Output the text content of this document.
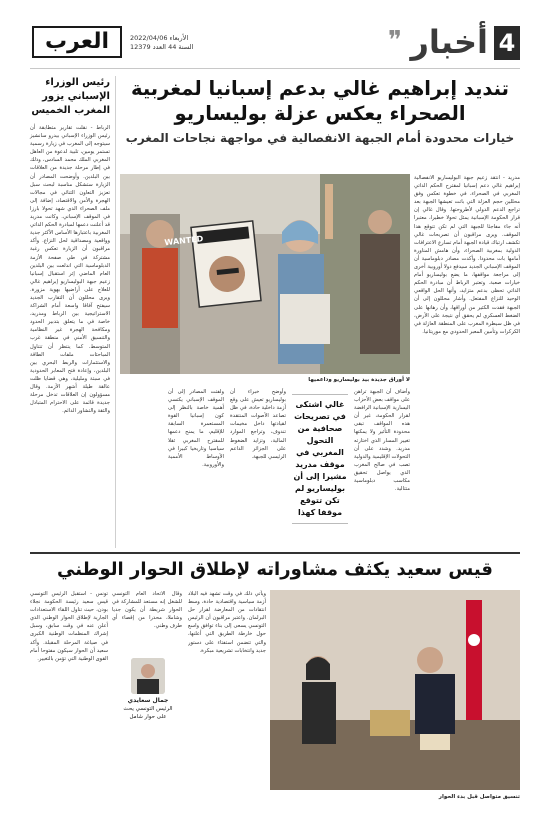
4
أخبار
❞
الأربعاء 2022/04/06
السنة 44 العدد 12379
العرب
رئيس الوزراء الإسباني يزور المغرب الخميس
الرباط - نقلت تقارير متطابقة أن رئيس الوزراء الإسباني بيدرو سانشيز سيتوجه إلى المغرب في زيارة رسمية تستمر يومين، تلبية لدعوة من العاهل المغربي الملك محمد السادس، وذلك في إطار مرحلة جديدة من العلاقات بين البلدين. وأوضحت المصادر أن الزيارة ستشكل مناسبة لبحث سبل تعزيز التعاون الثنائي في مجالات الهجرة والأمن والاقتصاد، إضافة إلى ملف الصحراء الذي شهد تحولا بارزا في الموقف الإسباني. وكانت مدريد قد أعلنت دعمها لمبادرة الحكم الذاتي المغربية باعتبارها الأساس الأكثر جدية وواقعية ومصداقية لحل النزاع. وأكد مراقبون أن الزيارة تعكس رغبة مشتركة في طي صفحة الأزمة الدبلوماسية التي اندلعت بين البلدين العام الماضي إثر استقبال إسبانيا زعيم جبهة البوليساريو إبراهيم غالي للعلاج على أراضيها بهوية مزورة. ويرى محللون أن التقارب الجديد سيفتح آفاقا واسعة أمام الشراكة الاستراتيجية بين الرباط ومدريد، خاصة في ما يتعلق بتدبير الحدود ومكافحة الهجرة غير النظامية والتنسيق الأمني في منطقة غرب المتوسط. كما ينتظر أن تتناول المباحثات ملفات الطاقة والاستثمارات والربط البحري بين البلدين، وإعادة فتح المعابر الحدودية في سبتة ومليلية، وهي قضايا ظلت عالقة طيلة أشهر الأزمة. وقال مسؤولون إن العلاقات تدخل مرحلة جديدة قائمة على الاحترام المتبادل والثقة والتشاور الدائم.
تنديد إبراهيم غالي بدعم إسبانيا لمغربية الصحراء يعكس عزلة بوليساريو
خيارات محدودة أمام الجبهة الانفصالية في مواجهة نجاحات المغرب
مدريد - انتقد زعيم جبهة البوليساريو الانفصالية إبراهيم غالي دعم إسبانيا لمقترح الحكم الذاتي المغربي في الصحراء، في خطوة تعكس وفق محللين حجم العزلة التي باتت تعيشها الجبهة بعد تراجع الدعم الدولي لأطروحتها. وقال غالي إن قرار الحكومة الإسبانية يمثل تحولا خطيرا، معتبرا أنه جاء مفاجئا للجبهة التي لم تكن تتوقع هذا الموقف. ويرى مراقبون أن تصريحات غالي تكشف ارتباك قيادة الجبهة أمام تسارع الاعترافات الدولية بمغربية الصحراء، وأن هامش المناورة أمامها بات محدودا. وأكدت مصادر دبلوماسية أن الموقف الإسباني الجديد سيدفع دولا أوروبية أخرى إلى مراجعة مواقفها، ما يضع بوليساريو أمام خيارات صعبة. وتعتبر الرباط أن مبادرة الحكم الذاتي تحظى بدعم متزايد، وأنها الحل الواقعي الوحيد للنزاع المفتعل. وأشار محللون إلى أن الجبهة فقدت الكثير من أوراقها، وأن رهانها على الضغط العسكري لم يحقق أي نتيجة على الأرض، في ظل سيطرة المغرب على المنطقة العازلة في الكركرات وتأمين المعبر الحدودي مع موريتانيا.
WANTED
لا أوراق جديدة بيد بوليساريو وداعميها
وأضاف أن الجبهة تراهن على مواقف بعض الأحزاب اليسارية الإسبانية الرافضة لقرار الحكومة، غير أن هذه المواقف تبقى محدودة التأثير ولا يمكنها تغيير المسار الذي اختارته مدريد. وشدد على أن التحولات الإقليمية والدولية تصب في صالح المغرب الذي يواصل تحقيق مكاسب دبلوماسية متتالية.
غالي اشتكى في تصريحات صحافية من التحول المغربي في موقف مدريد مشيرا إلى أن بوليساريو لم تكن تتوقع موقفا كهذا
وأوضح خبراء أن بوليساريو تعيش على وقع أزمة داخلية حادة، في ظل تصاعد الأصوات المنتقدة لقيادتها داخل مخيمات تندوف، وتراجع الموارد المالية، وتزايد الضغوط على الجزائر الداعم الرئيسي للجبهة.
ولفتت المصادر إلى أن الموقف الإسباني يكتسي أهمية خاصة بالنظر إلى كون إسبانيا القوة المستعمرة السابقة للإقليم، ما يمنح دعمها للمقترح المغربي ثقلا سياسيا وتاريخيا كبيرا في الأوساط الأممية والأوروبية.
قيس سعيد يكثف مشاوراته لإطلاق الحوار الوطني
تنسيق متواصل قبل بدء الحوار
تونس - استقبل الرئيس التونسي قيس سعيد رئيسة الحكومة نجلاء بودن، حيث تناول اللقاء الاستعدادات الجارية لإطلاق الحوار الوطني الذي أعلن عنه في وقت سابق، وسبل إشراك المنظمات الوطنية الكبرى في صياغة المرحلة المقبلة. وأكد سعيد أن الحوار سيكون مفتوحا أمام القوى الوطنية التي تؤمن بالتغيير.
وقال الاتحاد العام التونسي للشغل إنه مستعد للمشاركة في الحوار شريطة أن يكون جديا وشاملا، محذرا من إقصاء أي طرف وطني.
جمال سعايدي
الرئيس التونسي يحث على حوار شامل
ويأتي ذلك في وقت تشهد فيه البلاد أزمة سياسية واقتصادية حادة، وسط انتقادات من المعارضة لقرار حل البرلمان. واعتبر مراقبون أن الرئيس التونسي يسعى إلى بناء توافق واسع حول خارطة الطريق التي أعلنها، والتي تتضمن استفتاء على دستور جديد وانتخابات تشريعية مبكرة.
